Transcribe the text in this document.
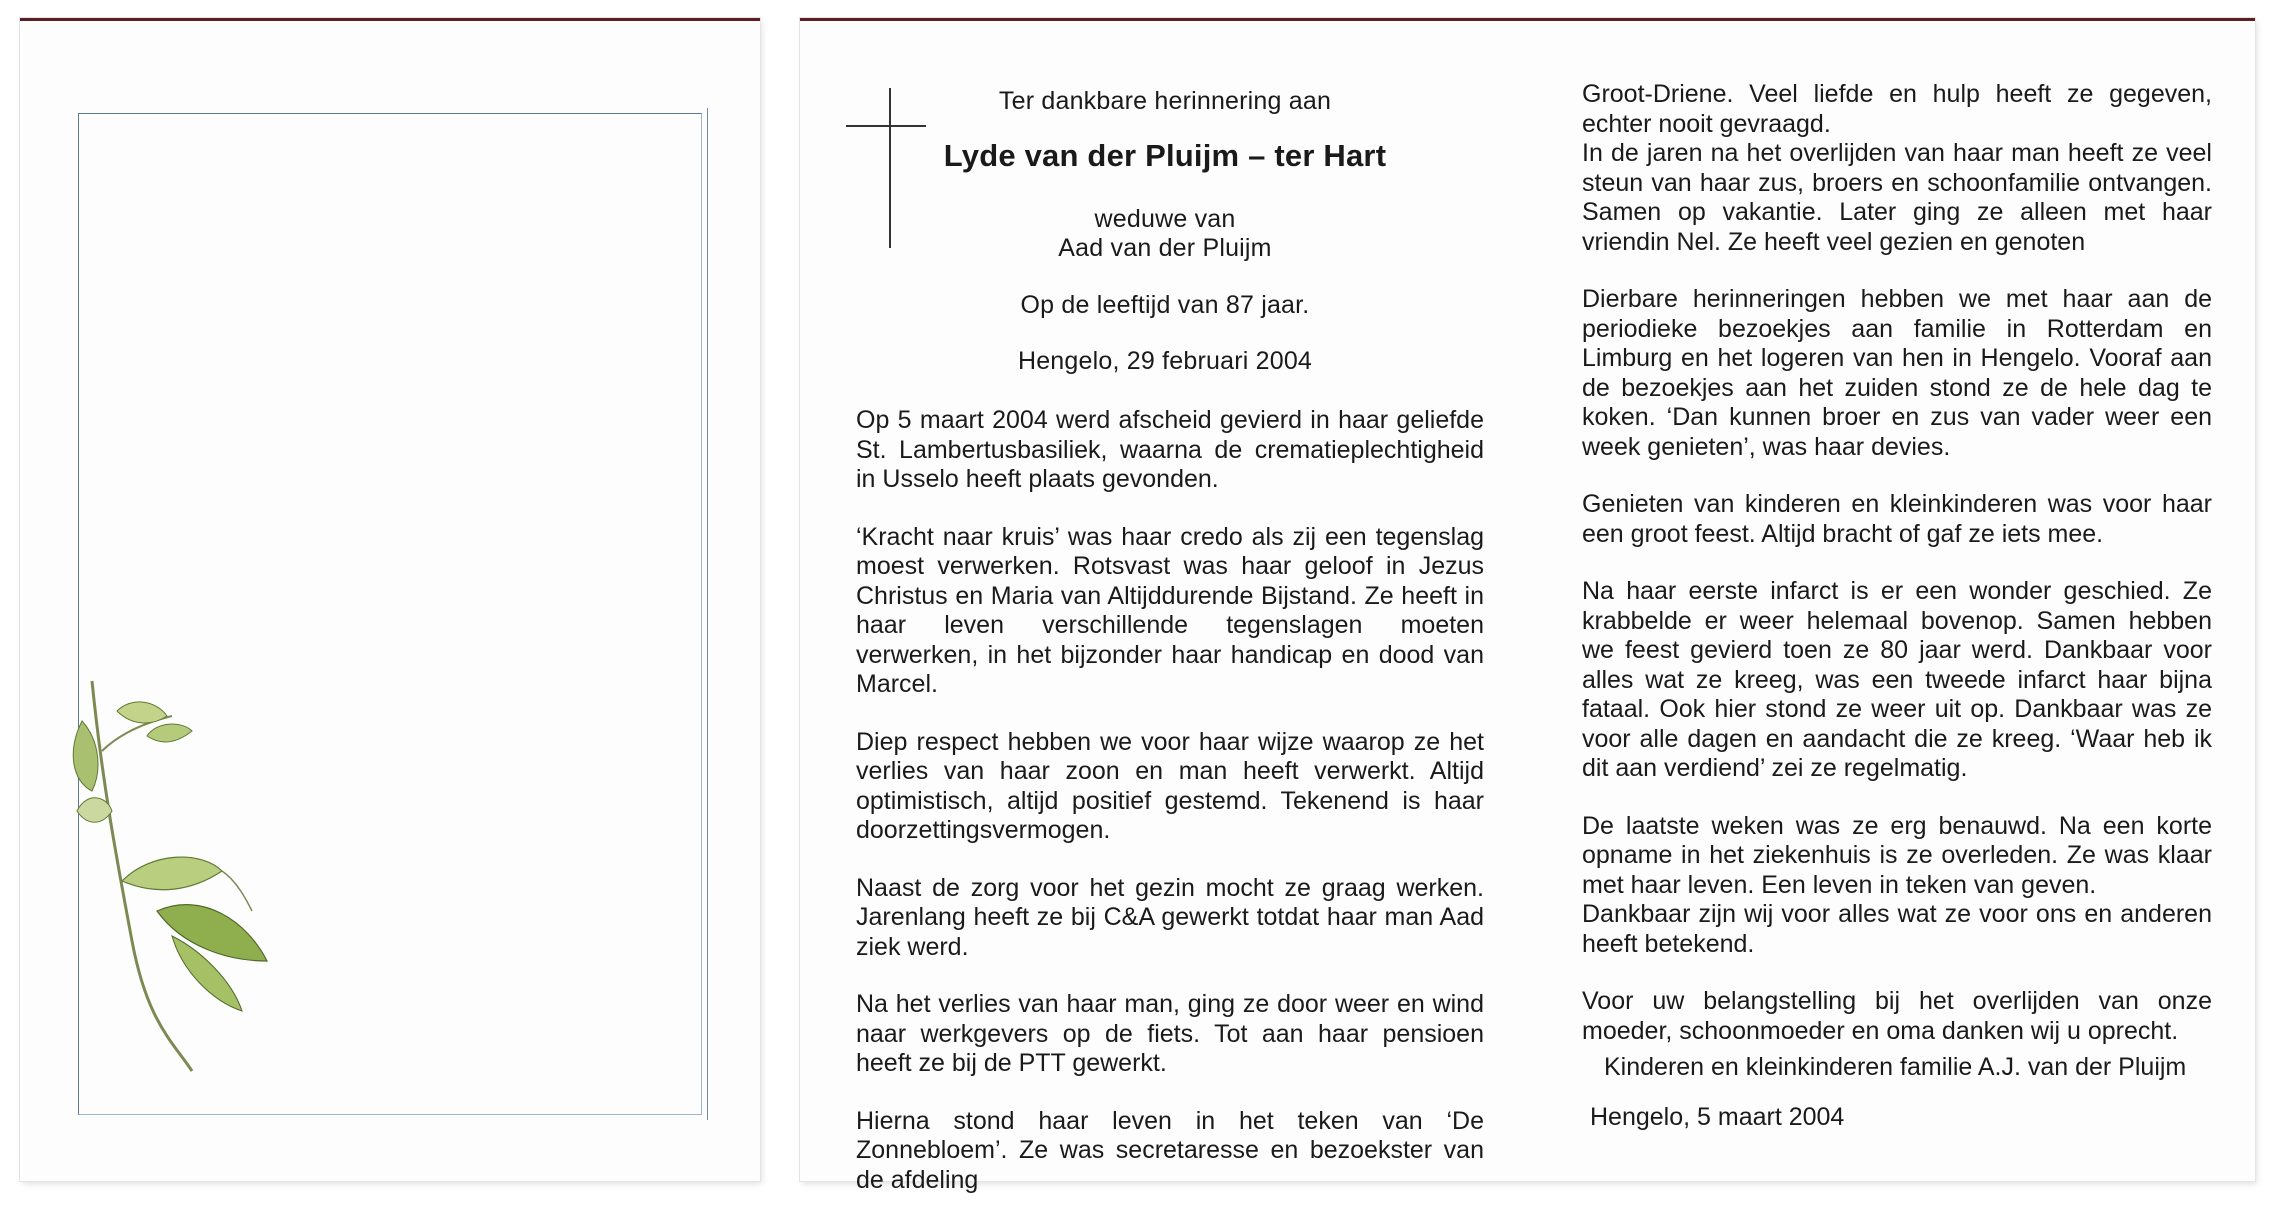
Ter dankbare herinnering aan
Lyde van der Pluijm – ter Hart
weduwe van
Aad van der Pluijm
Op de leeftijd van 87 jaar.
Hengelo, 29 februari 2004

Op 5 maart 2004 werd afscheid gevierd in haar geliefde St. Lambertusbasiliek, waarna de crematieplechtigheid in Usselo heeft plaats gevonden.

‘Kracht naar kruis’ was haar credo als zij een tegenslag moest verwerken. Rotsvast was haar geloof in Jezus Christus en Maria van Altijddurende Bijstand. Ze heeft in haar leven verschillende tegenslagen moeten verwerken, in het bijzonder haar handicap en dood van Marcel.

Diep respect hebben we voor haar wijze waarop ze het verlies van haar zoon en man heeft verwerkt. Altijd optimistisch, altijd positief gestemd. Tekenend is haar doorzettingsvermogen.

Naast de zorg voor het gezin mocht ze graag werken. Jarenlang heeft ze bij C&A gewerkt totdat haar man Aad ziek werd.

Na het verlies van haar man, ging ze door weer en wind naar werkgevers op de fiets. Tot aan haar pensioen heeft ze bij de PTT gewerkt.

Hierna stond haar leven in het teken van ‘De Zonnebloem’. Ze was secretaresse en bezoekster van de afdeling

Groot-Driene. Veel liefde en hulp heeft ze gegeven, echter nooit gevraagd.

In de jaren na het overlijden van haar man heeft ze veel steun van haar zus, broers en schoonfamilie ontvangen. Samen op vakantie. Later ging ze alleen met haar vriendin Nel. Ze heeft veel gezien en genoten

Dierbare herinneringen hebben we met haar aan de periodieke bezoekjes aan familie in Rotterdam en Limburg en het logeren van hen in Hengelo. Vooraf aan de bezoekjes aan het zuiden stond ze de hele dag te koken. ‘Dan kunnen broer en zus van vader weer een week genieten’, was haar devies.

Genieten van kinderen en kleinkinderen was voor haar een groot feest. Altijd bracht of gaf ze iets mee.

Na haar eerste infarct is er een wonder geschied. Ze krabbelde er weer helemaal bovenop. Samen hebben we feest gevierd toen ze 80 jaar werd. Dankbaar voor alles wat ze kreeg, was een tweede infarct haar bijna fataal. Ook hier stond ze weer uit op. Dankbaar was ze voor alle dagen en aandacht die ze kreeg. ‘Waar heb ik dit aan verdiend’ zei ze regelmatig.

De laatste weken was ze erg benauwd. Na een korte opname in het ziekenhuis is ze overleden. Ze was klaar met haar leven. Een leven in teken van geven.

Dankbaar zijn wij voor alles wat ze voor ons en anderen heeft betekend.

Voor uw belangstelling bij het overlijden van onze moeder, schoonmoeder en oma danken wij u oprecht.

Kinderen en kleinkinderen familie A.J. van der Pluijm
Hengelo, 5 maart 2004
